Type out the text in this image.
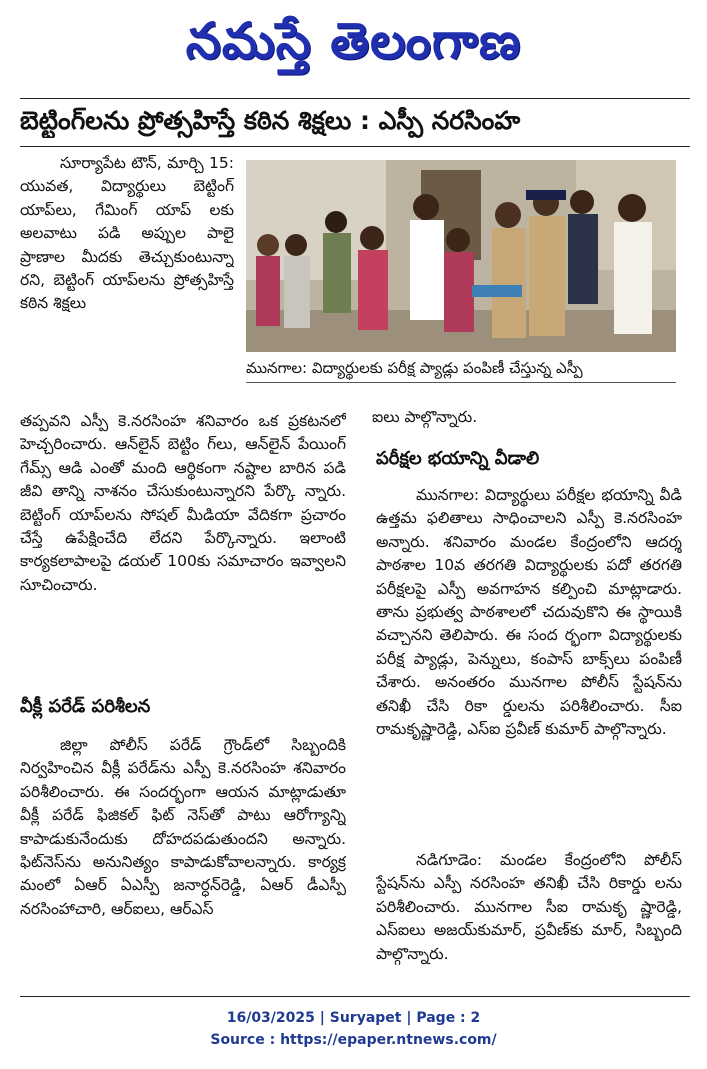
నమస్తే తెలంగాణ
బెట్టింగ్‌లను ప్రోత్సహిస్తే కఠిన శిక్షలు : ఎస్పీ నరసింహ
సూర్యాపేట టౌన్, మార్చి 15: యువత, విద్యార్థులు బెట్టింగ్ యాప్‌లు, గేమింగ్ యాప్ లకు అలవాటు పడి అప్పుల పాలై ప్రాణాల మీదకు తెచ్చుకుంటున్నా రని, బెట్టింగ్ యాప్‌లను ప్రోత్సహిస్తే కఠిన శిక్షలు
మునగాల: విద్యార్థులకు పరీక్ష ప్యాడ్లు పంపిణీ చేస్తున్న ఎస్పీ
తప్పవని ఎస్పీ కె.నరసింహ శనివారం ఒక ప్రకటనలో హెచ్చరించారు. ఆన్‌లైన్ బెట్టిం గ్‌లు, ఆన్‌లైన్ పేయింగ్ గేమ్స్ ఆడి ఎంతో మంది ఆర్థికంగా నష్టాల బారిన పడి జీవి తాన్ని నాశనం చేసుకుంటున్నారని పేర్కొ న్నారు. బెట్టింగ్ యాప్‌లను సోషల్ మీడియా వేదికగా ప్రచారం చేస్తే ఉపేక్షించేది లేదని పేర్కొన్నారు. ఇలాంటి కార్యకలాపాలపై డయల్ 100కు సమాచారం ఇవ్వాలని సూచించారు.
వీక్లీ పరేడ్ పరిశీలన
జిల్లా పోలీస్ పరేడ్ గ్రౌండ్‌లో సిబ్బందికి నిర్వహించిన వీక్లీ పరేడ్‌ను ఎస్పీ కె.నరసింహ శనివారం పరిశీలించారు. ఈ సందర్భంగా ఆయన మాట్లాడుతూ వీక్లీ పరేడ్ ఫిజికల్ ఫిట్ నెస్‌తో పాటు ఆరోగ్యాన్ని కాపాడుకునేందుకు దోహదపడుతుందని అన్నారు. ఫిట్‌నెస్‌ను అనునిత్యం కాపాడుకోవాలన్నారు. కార్యక్ర మంలో ఏఆర్ ఏఎస్పీ జనార్ధన్‌రెడ్డి, ఏఆర్ డీఎస్పీ నరసింహాచారి, ఆర్‌ఐలు, ఆర్‌ఎస్
ఐలు పాల్గొన్నారు.
పరీక్షల భయాన్ని వీడాలి
మునగాల: విద్యార్థులు పరీక్షల భయాన్ని వీడి ఉత్తమ ఫలితాలు సాధించాలని ఎస్పీ కె.నరసింహ అన్నారు. శనివారం మండల కేంద్రంలోని ఆదర్శ పాఠశాల 10వ తరగతి విద్యార్థులకు పదో తరగతి పరీక్షలపై ఎస్పీ అవగాహన కల్పించి మాట్లాడారు. తాను ప్రభుత్వ పాఠశాలలో చదువుకొని ఈ స్థాయికి వచ్చానని తెలిపారు. ఈ సంద ర్భంగా విద్యార్థులకు పరీక్ష ప్యాడ్లు, పెన్నులు, కంపాస్ బాక్స్‌లు పంపిణీ చేశారు. అనంతరం మునగాల పోలీస్ స్టేషన్‌ను తనిఖీ చేసి రికా ర్డులను పరిశీలించారు. సీఐ రామకృష్ణారెడ్డి, ఎస్ఐ ప్రవీణ్ కుమార్ పాల్గొన్నారు.
నడిగూడెం: మండల కేంద్రంలోని పోలీస్ స్టేషన్‌ను ఎస్పీ నరసింహ తనిఖీ చేసి రికార్డు లను పరిశీలించారు. మునగాల సీఐ రామకృ ష్ణారెడ్డి, ఎస్ఐలు అజయ్‌కుమార్, ప్రవీణ్‌కు మార్, సిబ్బంది పాల్గొన్నారు.
16/03/2025 | Suryapet | Page : 2
Source : https://epaper.ntnews.com/
